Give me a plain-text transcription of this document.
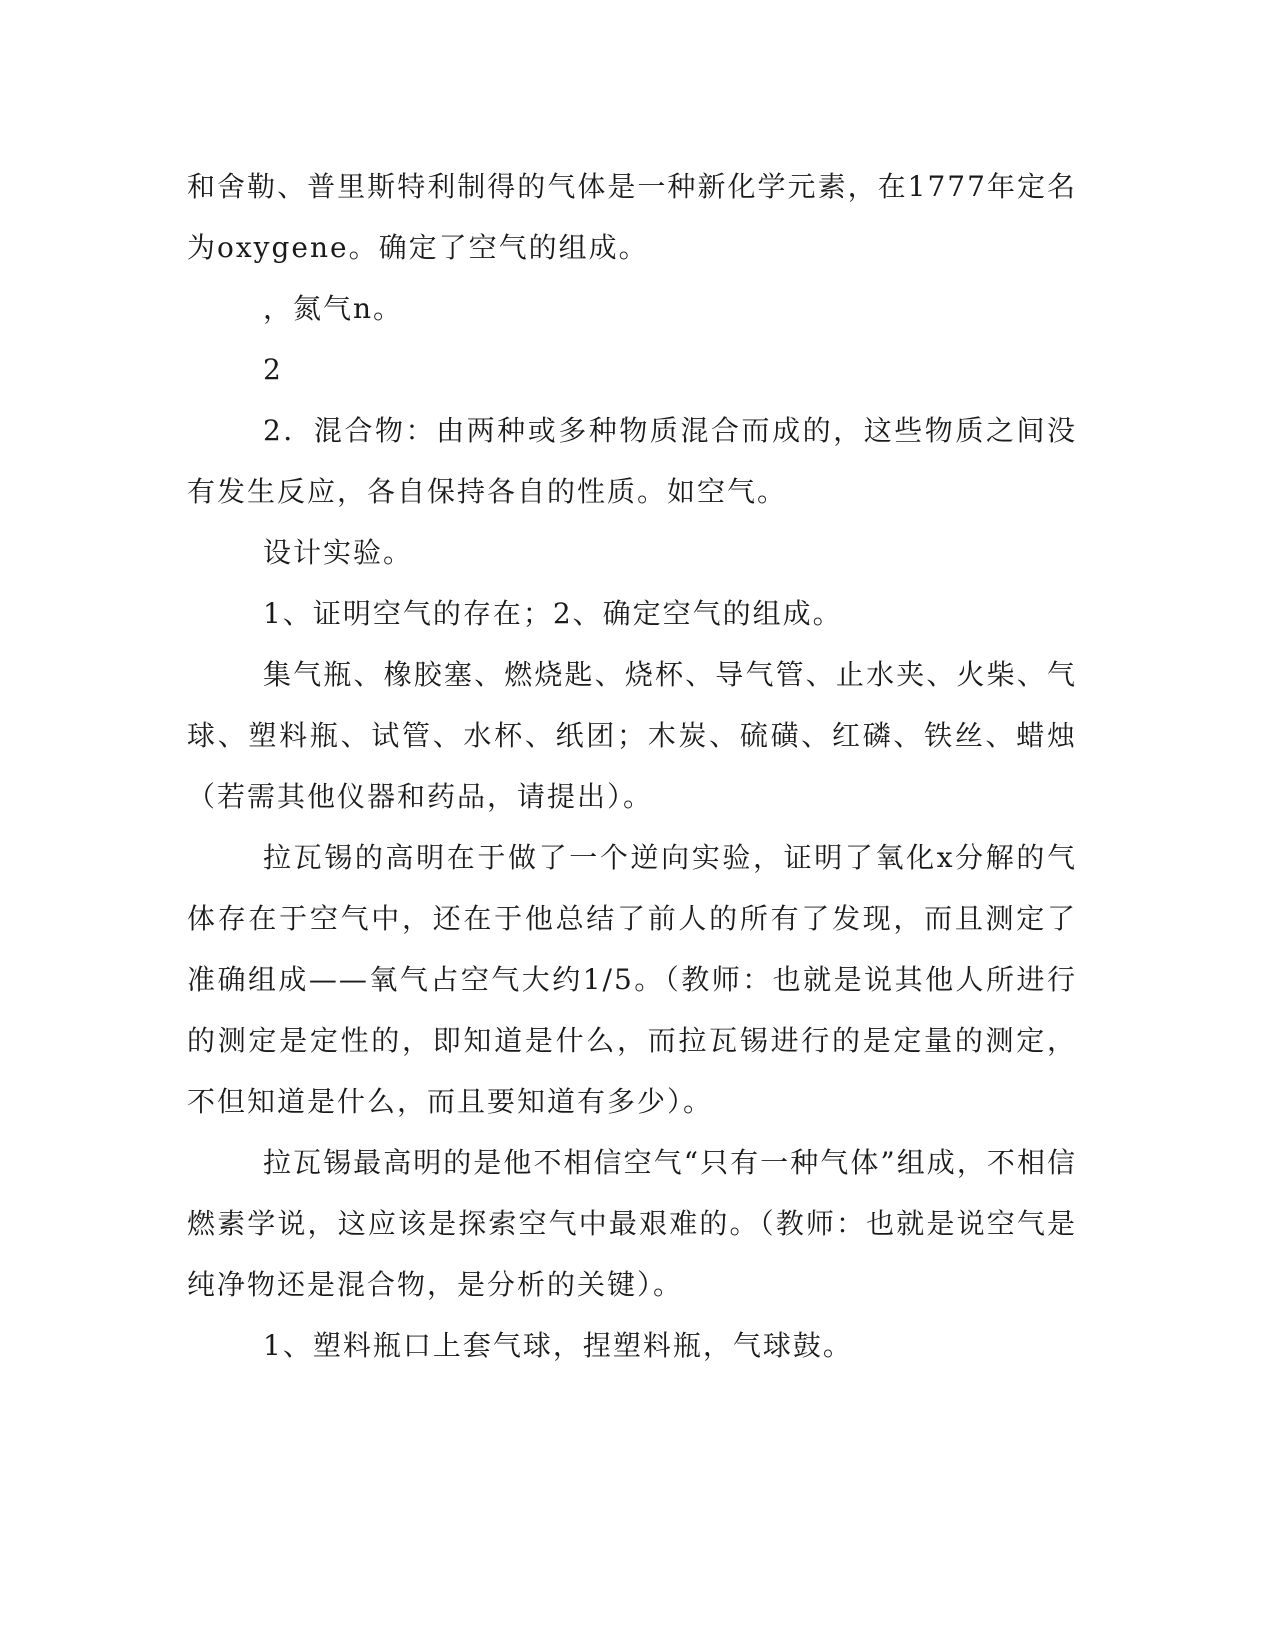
和舍勒、普里斯特利制得的气体是一种新化学元素，在1777年定名为oxygene。确定了空气的组成。

，氮气n。

2

2．混合物：由两种或多种物质混合而成的，这些物质之间没有发生反应，各自保持各自的性质。如空气。

设计实验。

1、证明空气的存在；2、确定空气的组成。

集气瓶、橡胶塞、燃烧匙、烧杯、导气管、止水夹、火柴、气球、塑料瓶、试管、水杯、纸团；木炭、硫磺、红磷、铁丝、蜡烛（若需其他仪器和药品，请提出）。

拉瓦锡的高明在于做了一个逆向实验，证明了氧化x分解的气体存在于空气中，还在于他总结了前人的所有了发现，而且测定了准确组成——氧气占空气大约1/5。（教师：也就是说其他人所进行的测定是定性的，即知道是什么，而拉瓦锡进行的是定量的测定，不但知道是什么，而且要知道有多少）。

拉瓦锡最高明的是他不相信空气“只有一种气体”组成，不相信燃素学说，这应该是探索空气中最艰难的。（教师：也就是说空气是纯净物还是混合物，是分析的关键）。

1、塑料瓶口上套气球，捏塑料瓶，气球鼓。
